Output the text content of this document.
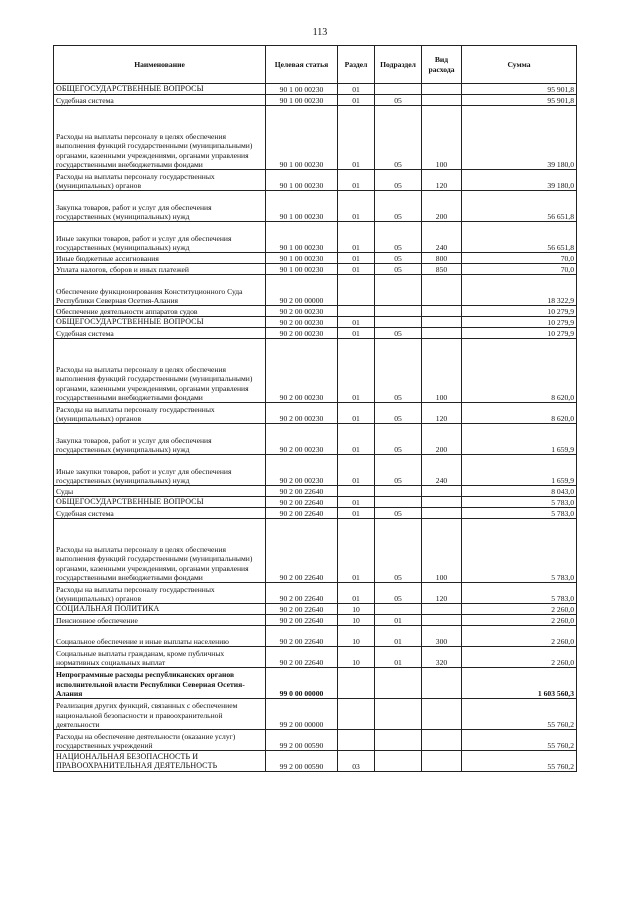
113
Наименование	Целевая статья	Раздел	Подраздел	Вид расхода	Сумма
ОБЩЕГОСУДАРСТВЕННЫЕ ВОПРОСЫ	90 1 00 00230	01			95 901,8
Судебная система	90 1 00 00230	01	05		95 901,8
Расходы на выплаты персоналу в целях обеспечения выполнения функций государственными (муниципальными) органами, казенными учреждениями, органами управления государственными внебюджетными фондами	90 1 00 00230	01	05	100	39 180,0
Расходы на выплаты персоналу государственных (муниципальных) органов	90 1 00 00230	01	05	120	39 180,0
Закупка товаров, работ и услуг для обеспечения государственных (муниципальных) нужд	90 1 00 00230	01	05	200	56 651,8
Иные закупки товаров, работ и услуг для обеспечения государственных (муниципальных) нужд	90 1 00 00230	01	05	240	56 651,8
Иные бюджетные ассигнования	90 1 00 00230	01	05	800	70,0
Уплата налогов, сборов и иных платежей	90 1 00 00230	01	05	850	70,0
Обеспечение функционирования Конституционного Суда Республики Северная Осетия-Алания	90 2 00 00000				18 322,9
Обеспечение деятельности аппаратов судов	90 2 00 00230				10 279,9
ОБЩЕГОСУДАРСТВЕННЫЕ ВОПРОСЫ	90 2 00 00230	01			10 279,9
Судебная система	90 2 00 00230	01	05		10 279,9
Расходы на выплаты персоналу в целях обеспечения выполнения функций государственными (муниципальными) органами, казенными учреждениями, органами управления государственными внебюджетными фондами	90 2 00 00230	01	05	100	8 620,0
Расходы на выплаты персоналу государственных (муниципальных) органов	90 2 00 00230	01	05	120	8 620,0
Закупка товаров, работ и услуг для обеспечения государственных (муниципальных) нужд	90 2 00 00230	01	05	200	1 659,9
Иные закупки товаров, работ и услуг для обеспечения государственных (муниципальных) нужд	90 2 00 00230	01	05	240	1 659,9
Суды	90 2 00 22640				8 043,0
ОБЩЕГОСУДАРСТВЕННЫЕ ВОПРОСЫ	90 2 00 22640	01			5 783,0
Судебная система	90 2 00 22640	01	05		5 783,0
Расходы на выплаты персоналу в целях обеспечения выполнения функций государственными (муниципальными) органами, казенными учреждениями, органами управления государственными внебюджетными фондами	90 2 00 22640	01	05	100	5 783,0
Расходы на выплаты персоналу государственных (муниципальных) органов	90 2 00 22640	01	05	120	5 783,0
СОЦИАЛЬНАЯ ПОЛИТИКА	90 2 00 22640	10			2 260,0
Пенсионное обеспечение	90 2 00 22640	10	01		2 260,0
Социальное обеспечение и иные выплаты населению	90 2 00 22640	10	01	300	2 260,0
Социальные выплаты гражданам, кроме публичных нормативных социальных выплат	90 2 00 22640	10	01	320	2 260,0
Непрограммные расходы республиканских органов исполнительной власти Республики Северная Осетия-Алания	99 0 00 00000				1 603 560,3
Реализация других функций, связанных с обеспечением национальной безопасности и правоохранительной деятельности	99 2 00 00000				55 760,2
Расходы на обеспечение деятельности (оказание услуг) государственных учреждений	99 2 00 00590				55 760,2
НАЦИОНАЛЬНАЯ БЕЗОПАСНОСТЬ И ПРАВООХРАНИТЕЛЬНАЯ ДЕЯТЕЛЬНОСТЬ	99 2 00 00590	03			55 760,2
